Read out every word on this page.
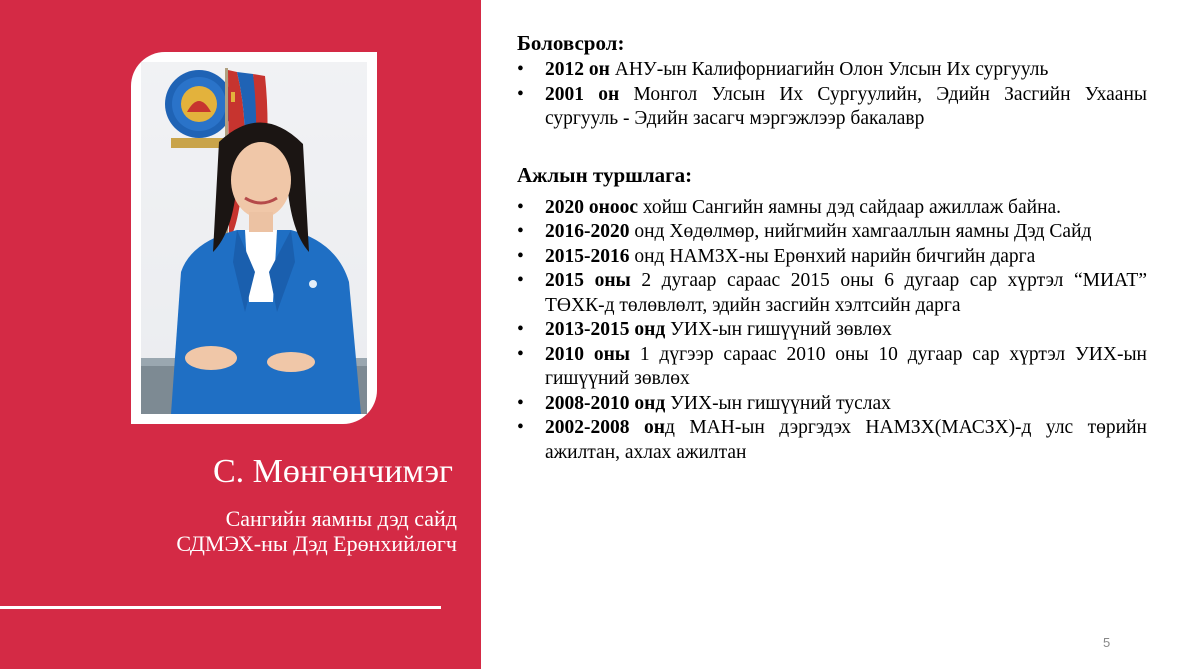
С. Мөнгөнчимэг
Сангийн яамны дэд сайд
СДМЭХ-ны Дэд Ерөнхийлөгч
Боловсрол:
• 2012 он АНУ-ын Калифорниагийн Олон Улсын Их сургууль
• 2001 он Монгол Улсын Их Сургуулийн, Эдийн Засгийн Ухааны сургууль - Эдийн засагч мэргэжлээр бакалавр
Ажлын туршлага:
• 2020 оноос хойш Сангийн яамны дэд сайдаар ажиллаж байна.
• 2016-2020 онд Хөдөлмөр, нийгмийн хамгааллын яамны Дэд Сайд
• 2015-2016 онд НАМЗХ-ны Ерөнхий нарийн бичгийн дарга
• 2015 оны 2 дугаар сараас 2015 оны 6 дугаар сар хүртэл “МИАТ” ТӨХК-д төлөвлөлт, эдийн засгийн хэлтсийн дарга
• 2013-2015 онд УИХ-ын гишүүний зөвлөх
• 2010 оны 1 дүгээр сараас 2010 оны 10 дугаар сар хүртэл УИХ-ын гишүүний зөвлөх
• 2008-2010 онд УИХ-ын гишүүний туслах
• 2002-2008 онд МАН-ын дэргэдэх НАМЗХ(МАСЗХ)-д улс төрийн ажилтан, ахлах ажилтан
5
